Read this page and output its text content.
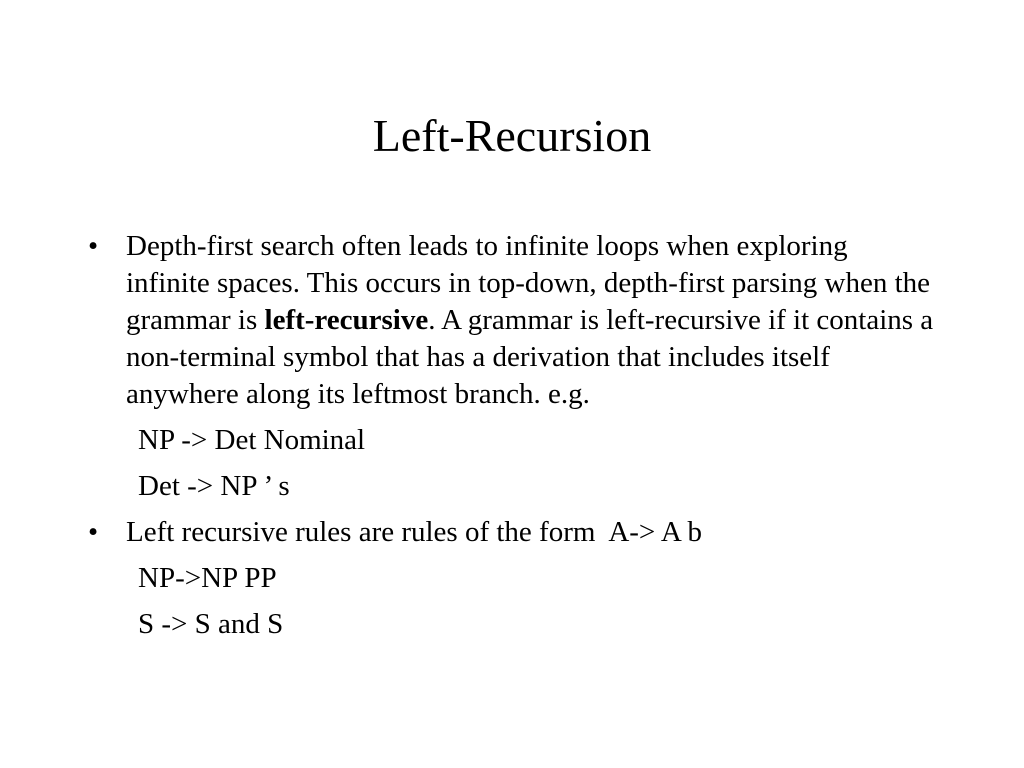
Left-Recursion
• Depth-first search often leads to infinite loops when exploring infinite spaces. This occurs in top-down, depth-first parsing when the grammar is left-recursive. A grammar is left-recursive if it contains a non-terminal symbol that has a derivation that includes itself anywhere along its leftmost branch. e.g.
NP -> Det Nominal
Det -> NP ’ s
• Left recursive rules are rules of the form  A-> A b
NP->NP PP
S -> S and S
